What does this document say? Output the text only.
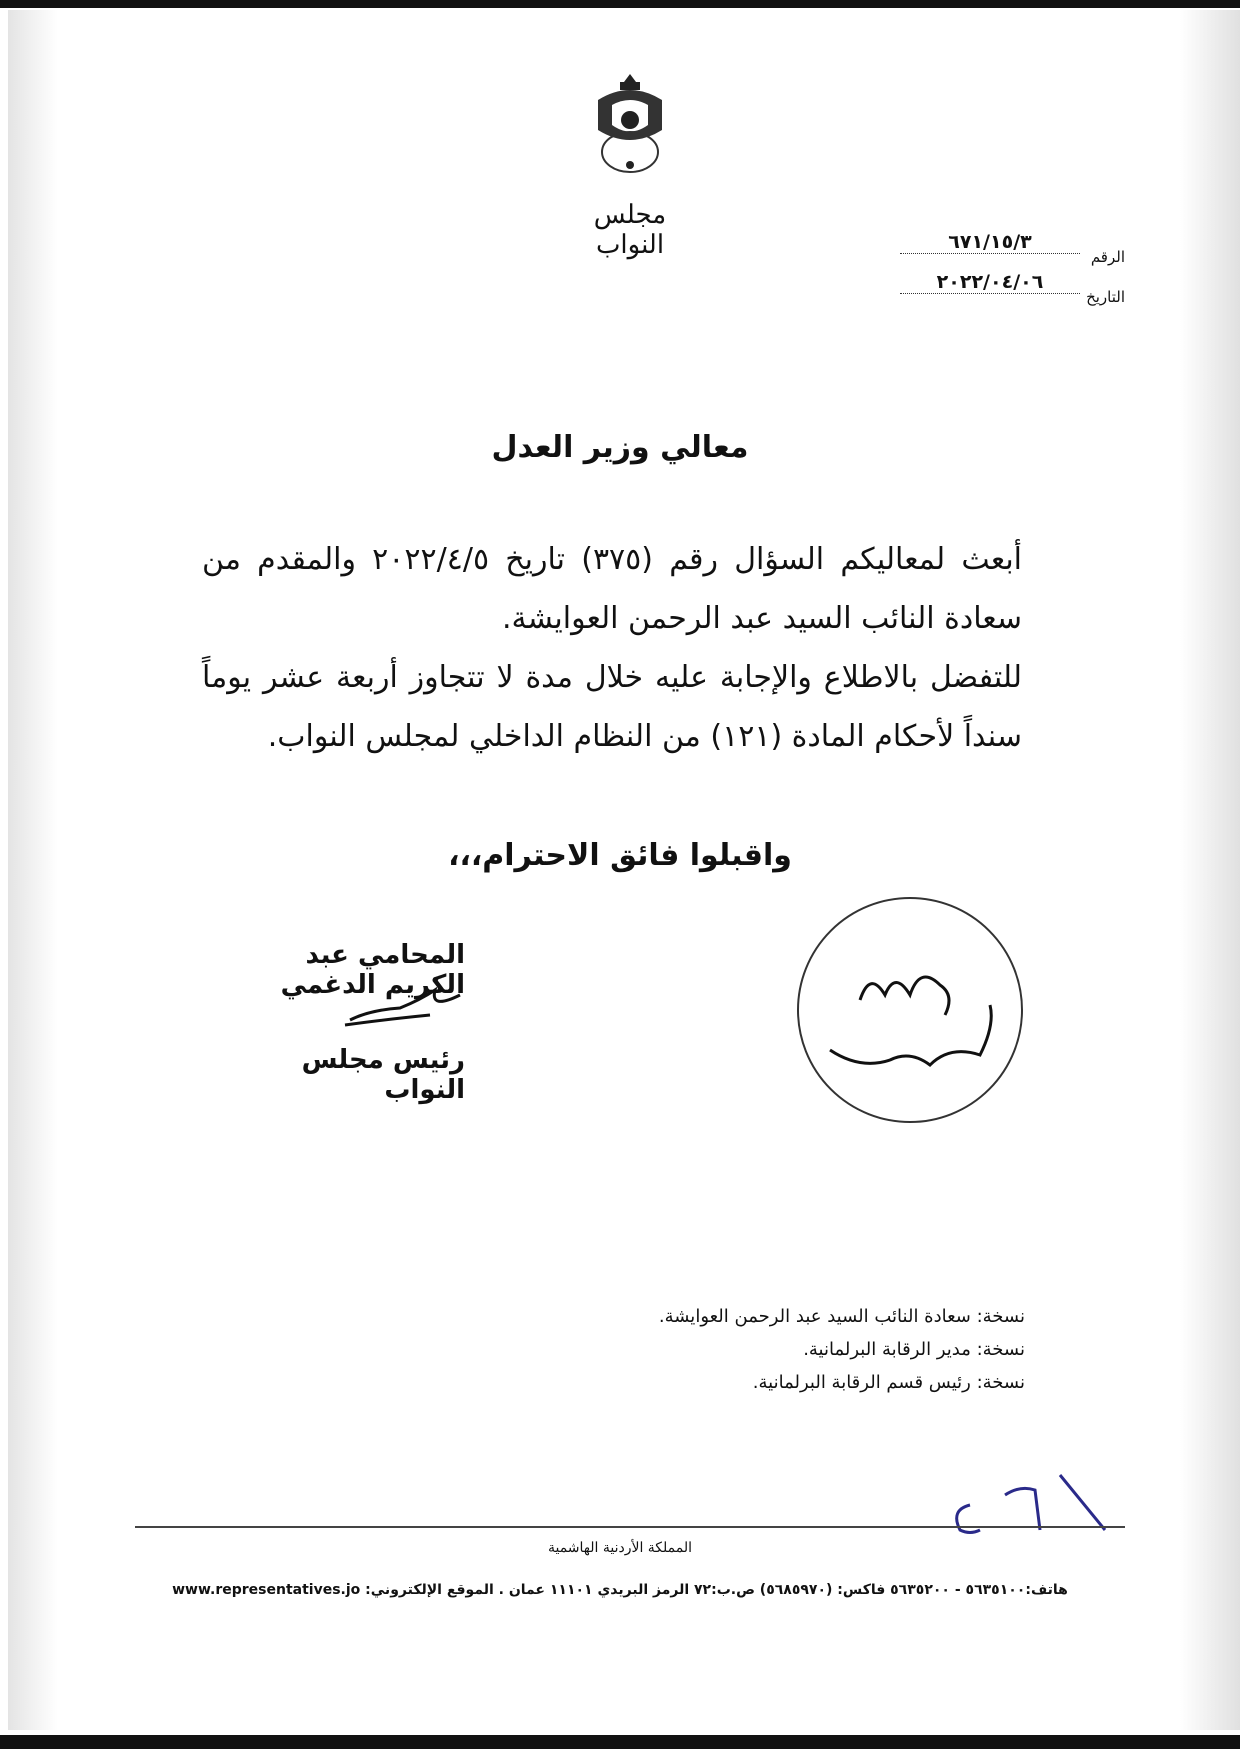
مجلس النواب	الرقم٦٧١/١٥/٣
التاريخ٢٠٢٢/٠٤/٠٦
معالي وزير العدل
أبعث لمعاليكم السؤال رقم (٣٧٥) تاريخ ٢٠٢٢/٤/٥ والمقدم من سعادة النائب السيد عبد الرحمن العوايشة.
للتفضل بالاطلاع والإجابة عليه خلال مدة لا تتجاوز أربعة عشر يوماً سنداً لأحكام المادة (١٢١) من النظام الداخلي لمجلس النواب.
واقبلوا فائق الاحترام،،،
المحامي عبد الكريم الدغمي
رئيس مجلس النواب
نسخة: سعادة النائب السيد عبد الرحمن العوايشة.
نسخة: مدير الرقابة البرلمانية.
نسخة: رئيس قسم الرقابة البرلمانية.
المملكة الأردنية الهاشمية
هاتف:٥٦٣٥١٠٠ - ٥٦٣٥٢٠٠ فاكس: (٥٦٨٥٩٧٠) ص.ب:٧٢ الرمز البريدي ١١١٠١ عمان . الموقع الإلكتروني: www.representatives.jo
